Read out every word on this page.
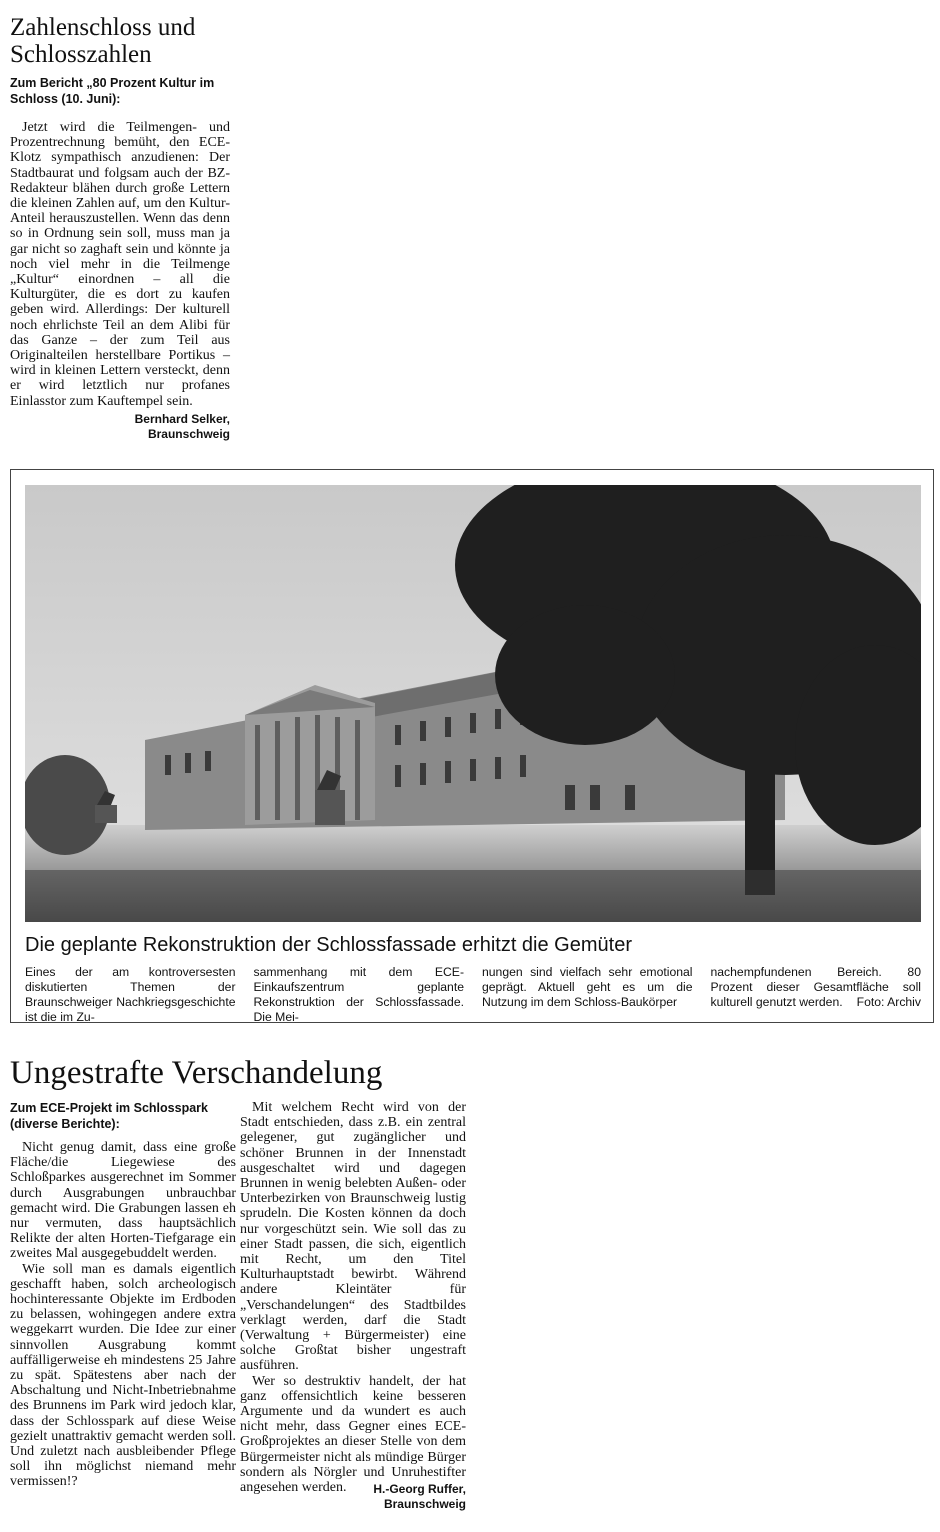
Zahlenschloss und Schlosszahlen
Zum Bericht „80 Prozent Kultur im Schloss (10. Juni):

Jetzt wird die Teilmengen- und Prozentrechnung bemüht, den ECE-Klotz sympathisch anzudienen: Der Stadtbaurat und folgsam auch der BZ-Redakteur blähen durch große Lettern die kleinen Zahlen auf, um den Kultur-Anteil herauszustellen. Wenn das denn so in Ordnung sein soll, muss man ja gar nicht so zaghaft sein und könnte ja noch viel mehr in die Teilmenge „Kultur“ einordnen – all die Kulturgüter, die es dort zu kaufen geben wird. Allerdings: Der kulturell noch ehrlichste Teil an dem Alibi für das Ganze – der zum Teil aus Originalteilen herstellbare Portikus – wird in kleinen Lettern versteckt, denn er wird letztlich nur profanes Einlasstor zum Kauftempel sein.

Bernhard Selker,
Braunschweig
Die geplante Rekonstruktion der Schlossfassade erhitzt die Gemüter
Eines der am kontroversesten diskutierten Themen der Braunschweiger Nachkriegsgeschichte ist die im Zu-
sammenhang mit dem ECE-Einkaufszentrum geplante Rekonstruktion der Schlossfassade. Die Mei-
nungen sind vielfach sehr emotional geprägt. Aktuell geht es um die Nutzung im dem Schloss-Baukörper
nachempfundenen Bereich. 80 Prozent dieser Gesamtfläche soll kulturell genutzt werden. Foto: Archiv
Ungestrafte Verschandelung
Zum ECE-Projekt im Schlosspark (diverse Berichte):

Nicht genug damit, dass eine große Fläche/die Liegewiese des Schloßparkes ausgerechnet im Sommer durch Ausgrabungen unbrauchbar gemacht wird. Die Grabungen lassen eh nur vermuten, dass hauptsächlich Relikte der alten Horten-Tiefgarage ein zweites Mal ausgegebuddelt werden.

Wie soll man es damals eigentlich geschafft haben, solch archeologisch hochinteressante Objekte im Erdboden zu belassen, wohingegen andere extra weggekarrt wurden. Die Idee zur einer sinnvollen Ausgrabung kommt auffälligerweise eh mindestens 25 Jahre zu spät. Spätestens aber nach der Abschaltung und Nicht-Inbetriebnahme des Brunnens im Park wird jedoch klar, dass der Schlosspark auf diese Weise gezielt unattraktiv gemacht werden soll. Und zuletzt nach ausbleibender Pflege soll ihn möglichst niemand mehr vermissen!?

Mit welchem Recht wird von der Stadt entschieden, dass z.B. ein zentral gelegener, gut zugänglicher und schöner Brunnen in der Innenstadt ausgeschaltet wird und dagegen Brunnen in wenig belebten Außen- oder Unterbezirken von Braunschweig lustig sprudeln. Die Kosten können da doch nur vorgeschützt sein. Wie soll das zu einer Stadt passen, die sich, eigentlich mit Recht, um den Titel Kulturhauptstadt bewirbt. Während andere Kleintäter für „Verschandelungen“ des Stadtbildes verklagt werden, darf die Stadt (Verwaltung + Bürgermeister) eine solche Großtat bisher ungestraft ausführen.

Wer so destruktiv handelt, der hat ganz offensichtlich keine besseren Argumente und da wundert es auch nicht mehr, dass Gegner eines ECE-Großprojektes an dieser Stelle von dem Bürgermeister nicht als mündige Bürger sondern als Nörgler und Unruhestifter angesehen werden.	H.-Georg Ruffer,
Braunschweig
